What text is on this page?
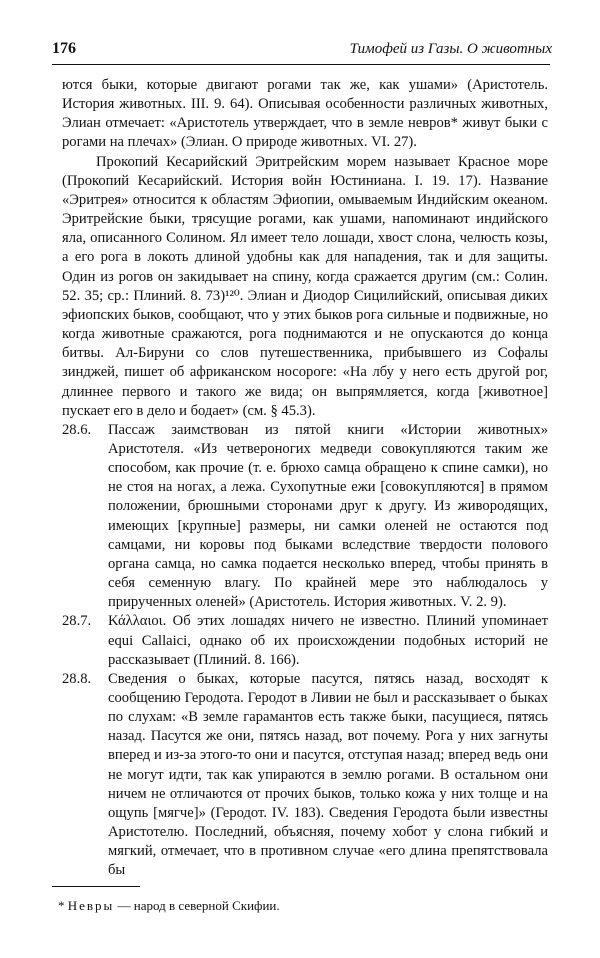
176	Тимофей из Газы. О животных

ются быки, которые двигают рогами так же, как ушами» (Аристотель. История животных. III. 9. 64). Описывая особенности различных животных, Элиан отмечает: «Аристотель утверждает, что в земле невров* живут быки с рогами на плечах» (Элиан. О природе животных. VI. 27).

Прокопий Кесарийский Эритрейским морем называет Красное море (Прокопий Кесарийский. История войн Юстиниана. I. 19. 17). Название «Эритрея» относится к областям Эфиопии, омываемым Индийским океаном. Эритрейские быки, трясущие рогами, как ушами, напоминают индийского яла, описанного Солином. Ял имеет тело лошади, хвост слона, челюсть козы, а его рога в локоть длиной удобны как для нападения, так и для защиты. Один из рогов он закидывает на спину, когда сражается другим (см.: Солин. 52. 35; ср.: Плиний. 8. 73)¹²⁰. Элиан и Диодор Сицилийский, описывая диких эфиопских быков, сообщают, что у этих быков рога сильные и подвижные, но когда животные сражаются, рога поднимаются и не опускаются до конца битвы. Ал-Бируни со слов путешественника, прибывшего из Софалы зинджей, пишет об африканском носороге: «На лбу у него есть другой рог, длиннее первого и такого же вида; он выпрямляется, когда [животное] пускает его в дело и бодает» (см. § 45.3).

28.6.	Пассаж заимствован из пятой книги «Истории животных» Аристотеля. «Из четвероногих медведи совокупляются таким же способом, как прочие (т. е. брюхо самца обращено к спине самки), но не стоя на ногах, а лежа. Сухопутные ежи [совокупляются] в прямом положении, брюшными сторонами друг к другу. Из живородящих, имеющих [крупные] размеры, ни самки оленей не остаются под самцами, ни коровы под быками вследствие твердости полового органа самца, но самка подается несколько вперед, чтобы принять в себя семенную влагу. По крайней мере это наблюдалось у прирученных оленей» (Аристотель. История животных. V. 2. 9).
28.7.	Κάλλαιοι. Об этих лошадях ничего не известно. Плиний упоминает equi Callaici, однако об их происхождении подобных историй не рассказывает (Плиний. 8. 166).
28.8.	Сведения о быках, которые пасутся, пятясь назад, восходят к сообщению Геродота. Геродот в Ливии не был и рассказывает о быках по слухам: «В земле гарамантов есть также быки, пасущиеся, пятясь назад. Пасутся же они, пятясь назад, вот почему. Рога у них загнуты вперед и из-за этого-то они и пасутся, отступая назад; вперед ведь они не могут идти, так как упираются в землю рогами. В остальном они ничем не отличаются от прочих быков, только кожа у них толще и на ощупь [мягче]» (Геродот. IV. 183). Сведения Геродота были известны Аристотелю. Последний, объясняя, почему хобот у слона гибкий и мягкий, отмечает, что в противном случае «его длина препятствовала бы
* Невры — народ в северной Скифии.
